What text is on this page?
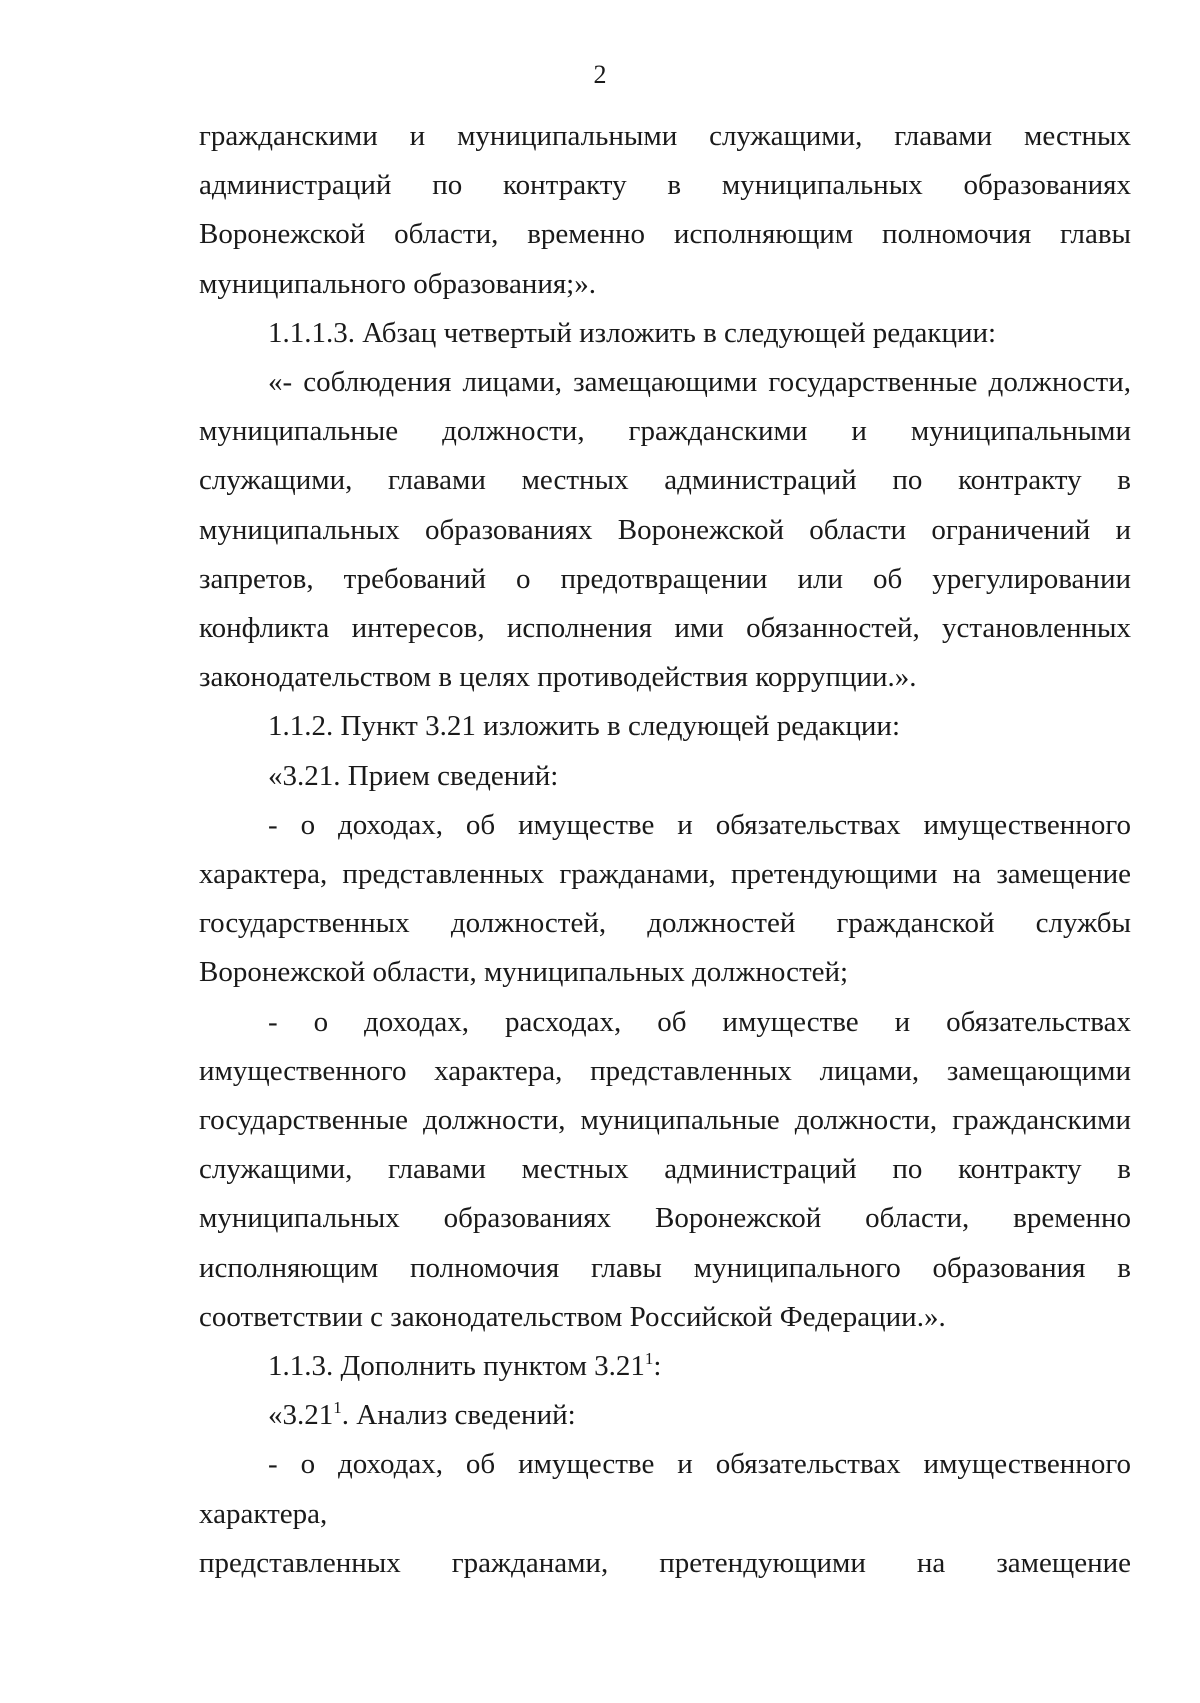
2

гражданскими и муниципальными служащими, главами местных администраций по контракту в муниципальных образованиях Воронежской области, временно исполняющим полномочия главы муниципального образования;».

1.1.1.3. Абзац четвертый изложить в следующей редакции:

«- соблюдения лицами, замещающими государственные должности, муниципальные должности, гражданскими и муниципальными служащими, главами местных администраций по контракту в муниципальных образованиях Воронежской области ограничений и запретов, требований о предотвращении или об урегулировании конфликта интересов, исполнения ими обязанностей, установленных законодательством в целях противодействия коррупции.».

1.1.2. Пункт 3.21 изложить в следующей редакции:

«3.21. Прием сведений:

- о доходах, об имуществе и обязательствах имущественного характера, представленных гражданами, претендующими на замещение государственных должностей, должностей гражданской службы Воронежской области, муниципальных должностей;

- о доходах, расходах, об имуществе и обязательствах имущественного характера, представленных лицами, замещающими государственные должности, муниципальные должности, гражданскими служащими, главами местных администраций по контракту в муниципальных образованиях Воронежской области, временно исполняющим полномочия главы муниципального образования в соответствии с законодательством Российской Федерации.».

1.1.3. Дополнить пунктом 3.21$^1$:

«3.21$^1$. Анализ сведений:

- о доходах, об имуществе и обязательствах имущественного характера,

представленных гражданами, претендующими на замещение
